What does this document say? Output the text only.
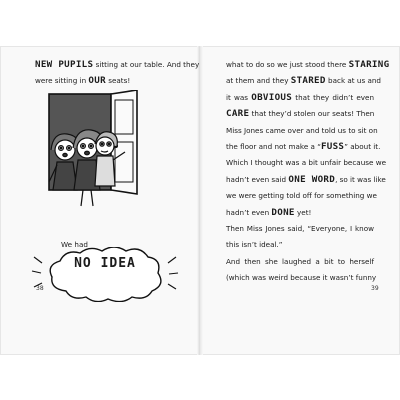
NEW PUPILS sitting at our table. And they
were sitting in OUR seats!
We had
NO IDEA
38
what to do so we just stood there STARING
at them and they STARED back at us and
it was OBVIOUS that they didn’t even
CARE that they’d stolen our seats! Then
Miss Jones came over and told us to sit on
the floor and not make a “FUSS” about it.
Which I thought was a bit unfair because we
hadn’t even said ONE WORD, so it was like
we were getting told off for something we
hadn’t even DONE yet!
Then Miss Jones said, “Everyone, I know
this isn’t ideal.”
And then she laughed a bit to herself
(which was weird because it wasn’t funny
39
